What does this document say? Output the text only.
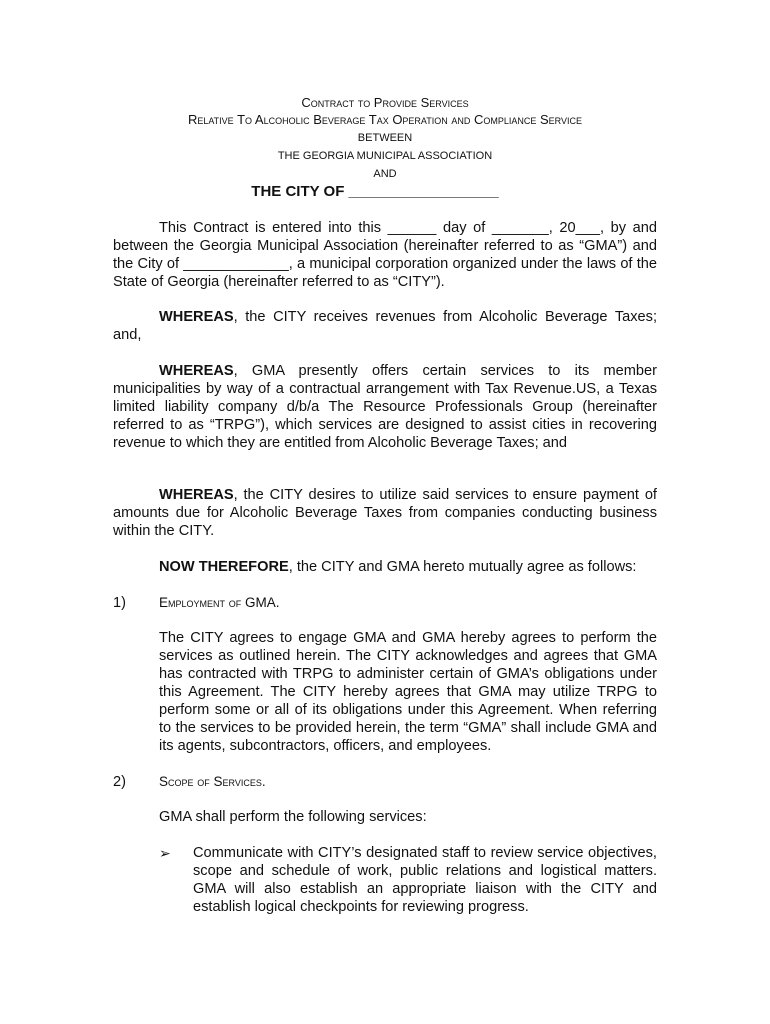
Contract to Provide Services
Relative To Alcoholic Beverage Tax Operation and Compliance Service
BETWEEN
THE GEORGIA MUNICIPAL ASSOCIATION
AND
THE CITY OF __________________
This Contract is entered into this ______ day of _______, 20___, by and between the Georgia Municipal Association (hereinafter referred to as “GMA”) and the City of _____________, a municipal corporation organized under the laws of the State of Georgia (hereinafter referred to as “CITY”).
WHEREAS, the CITY receives revenues from Alcoholic Beverage Taxes; and,
WHEREAS, GMA presently offers certain services to its member municipalities by way of a contractual arrangement with Tax Revenue.US, a Texas limited liability company d/b/a The Resource Professionals Group (hereinafter referred to as “TRPG”), which services are designed to assist cities in recovering revenue to which they are entitled from Alcoholic Beverage Taxes; and
WHEREAS, the CITY desires to utilize said services to ensure payment of amounts due for Alcoholic Beverage Taxes from companies conducting business within the CITY.
NOW THEREFORE, the CITY and GMA hereto mutually agree as follows:
1) Employment of GMA.
The CITY agrees to engage GMA and GMA hereby agrees to perform the services as outlined herein. The CITY acknowledges and agrees that GMA has contracted with TRPG to administer certain of GMA’s obligations under this Agreement. The CITY hereby agrees that GMA may utilize TRPG to perform some or all of its obligations under this Agreement. When referring to the services to be provided herein, the term “GMA” shall include GMA and its agents, subcontractors, officers, and employees.
2) Scope of Services.
GMA shall perform the following services:
➢ Communicate with CITY’s designated staff to review service objectives, scope and schedule of work, public relations and logistical matters. GMA will also establish an appropriate liaison with the CITY and establish logical checkpoints for reviewing progress.
